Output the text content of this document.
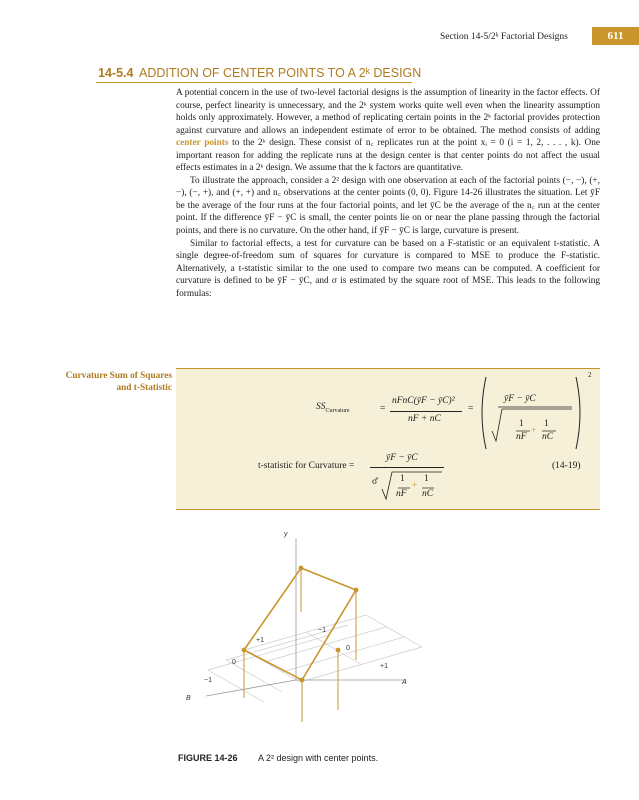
Section 14-5/2ᵏ Factorial Designs	611
14-5.4 ADDITION OF CENTER POINTS TO A 2ᵏ DESIGN

A potential concern in the use of two-level factorial designs is the assumption of linearity in the factor effects. Of course, perfect linearity is unnecessary, and the 2ᵏ system works quite well even when the linearity assumption holds only approximately. However, a method of replicating certain points in the 2ᵏ factorial provides protection against curvature and allows an independent estimate of error to be obtained. The method consists of adding center points to the 2ᵏ design. These consist of n꜀ replicates run at the point xᵢ = 0 (i = 1, 2, . . . , k). One important reason for adding the replicate runs at the design center is that center points do not affect the usual effects estimates in a 2ᵏ design. We assume that the k factors are quantitative.

To illustrate the approach, consider a 2² design with one observation at each of the factorial points (−, −), (+, −), (−, +), and (+, +) and n꜀ observations at the center points (0, 0). Figure 14-26 illustrates the situation. Let ȳF be the average of the four runs at the four factorial points, and let ȳC be the average of the n꜀ run at the center point. If the difference ȳF − ȳC is small, the center points lie on or near the plane passing through the factorial points, and there is no curvature. On the other hand, if ȳF − ȳC is large, curvature is present.

Similar to factorial effects, a test for curvature can be based on a F-statistic or an equivalent t-statistic. A single degree-of-freedom sum of squares for curvature is compared to MSE to produce the F-statistic. Alternatively, a t-statistic similar to the one used to compare two means can be computed. A coefficient for curvature is defined to be ȳF − ȳC, and σ is estimated by the square root of MSE. This leads to the following formulas:

Curvature Sum of Squares and t-Statistic
$SS_{Curvature}$	=
nFnC(ȳF − ȳC)²
nF + nC
=
ȳF − ȳC
1 1
+
nF nC
2
t-statistic for Curvature =
ȳF − ȳC
σ̂ 1 1
+
nF nC
(14-19)
y
A
B
+1
0
−1
−1
0
+1
FIGURE 14-26 A 2² design with center points.
